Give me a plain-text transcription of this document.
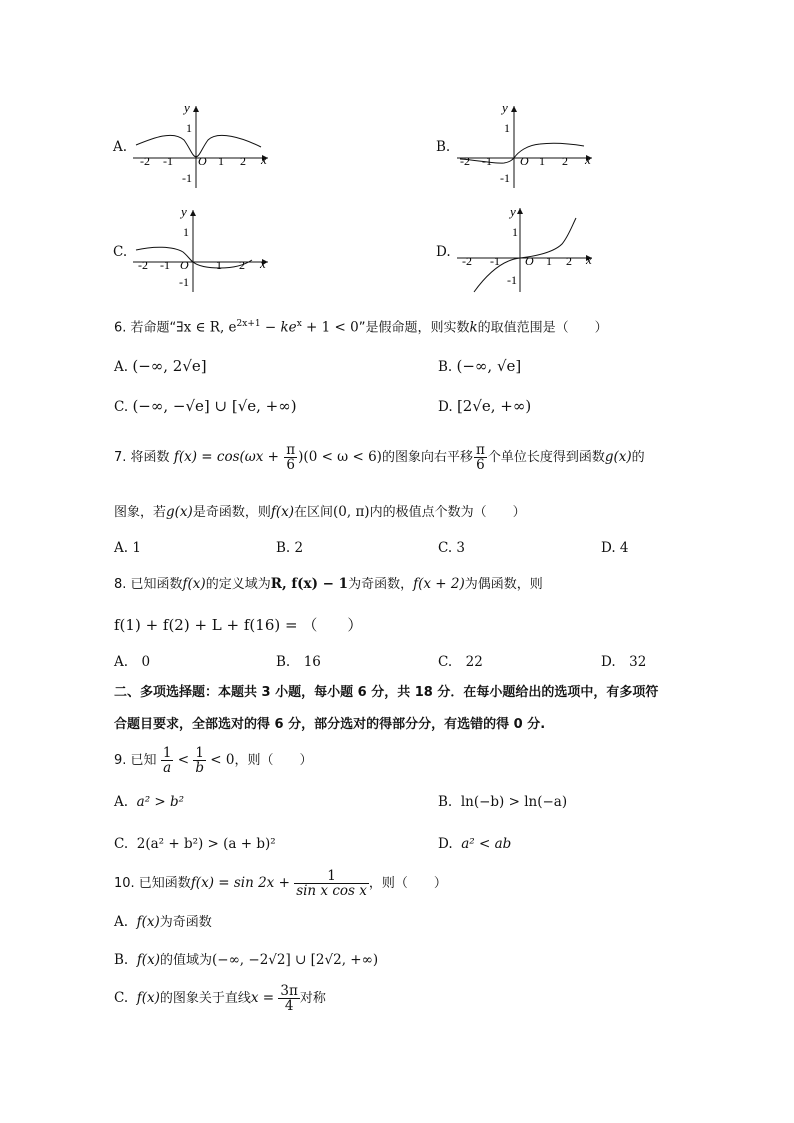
A.
y
x
1
-1
-2 -1 O 1 2
B.
y
x
1
-1
-2 -1 O 1 2
C.
y
x
1
-1
-2 -1 O 1 2
D.
y
x
1
-1
-2 -1 O 1 2
6. 若命题“∃x ∈ R, $e^{2x+1} - ke^x + 1 < 0$”是假命题，则实数k的取值范围是（　　）
A. (−∞, 2√e]	B. (−∞, √e]
C. (−∞, −√e] ∪ [√e, +∞)	D. [2√e, +∞)
7. 将函数 $f(x) = \cos(\omega x + \frac{\pi}{6} )(0 < \omega < 6)$的图象向右平移 $\frac{\pi}{6}$ 个单位长度得到函数g(x)的
图象，若g(x)是奇函数，则f(x)在区间(0, π)内的极值点个数为（　　）
A. 1	B. 2	C. 3	D. 4
8. 已知函数f(x)的定义域为R, f(x) − 1为奇函数，f(x + 2)为偶函数，则
f(1) + f(2) + L + f(16) = （　　）
A.　0	B.　16	C.　22	D.　32
二、多项选择题：本题共 3 小题，每小题 6 分，共 18 分．在每小题给出的选项中，有多项符
合题目要求，全部选对的得 6 分，部分选对的得部分分，有选错的得 0 分.
9. 已知 $\frac{1}{a} < \frac{1}{b} < 0$，则（　　）
A. a² > b²	B. ln(−b) > ln(−a)
C. 2(a² + b²) > (a + b)²	D. a² < ab
10. 已知函数$f(x) = \sin 2x + \frac{1}{\text{sin x cos x}}$ ，则（　　）
A. f(x)为奇函数
B. f(x)的值域为(−∞, −2√2] ∪ [2√2, +∞)
C. f(x)的图象关于直线$x = \frac{3\pi}{4}$ 对称
